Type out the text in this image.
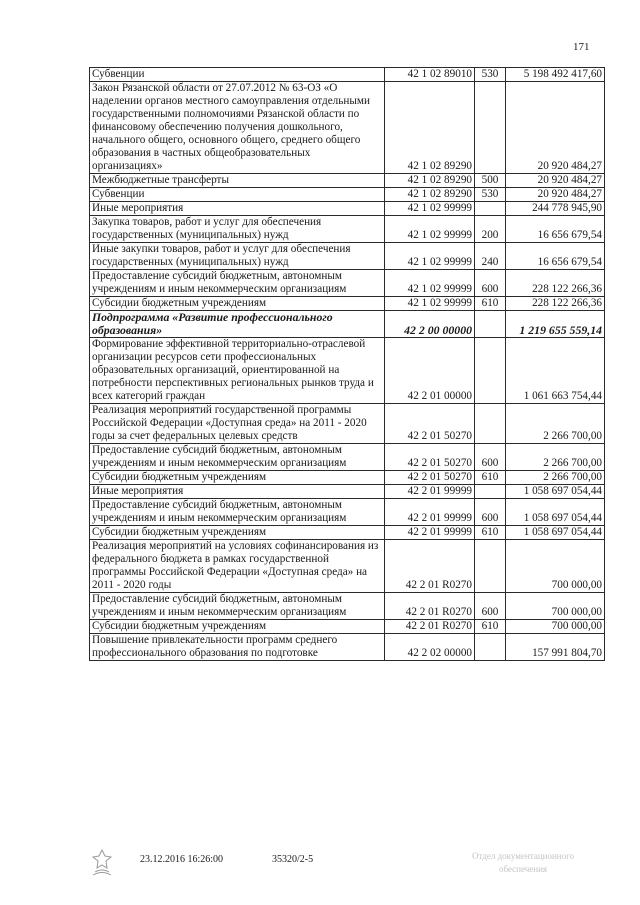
171
Субвенции	42 1 02 89010	530	5 198 492 417,60
Закон Рязанской области от 27.07.2012 № 63-ОЗ «О наделении органов местного самоуправления отдельными государственными полномочиями Рязанской области по финансовому обеспечению получения дошкольного, начального общего, основного общего, среднего общего образования в частных общеобразовательных организациях»	42 1 02 89290		20 920 484,27
Межбюджетные трансферты	42 1 02 89290	500	20 920 484,27
Субвенции	42 1 02 89290	530	20 920 484,27
Иные мероприятия	42 1 02 99999		244 778 945,90
Закупка товаров, работ и услуг для обеспечения государственных (муниципальных) нужд	42 1 02 99999	200	16 656 679,54
Иные закупки товаров, работ и услуг для обеспечения государственных (муниципальных) нужд	42 1 02 99999	240	16 656 679,54
Предоставление субсидий бюджетным, автономным учреждениям и иным некоммерческим организациям	42 1 02 99999	600	228 122 266,36
Субсидии бюджетным учреждениям	42 1 02 99999	610	228 122 266,36
Подпрограмма «Развитие профессионального образования»	42 2 00 00000		1 219 655 559,14
Формирование эффективной территориально-отраслевой организации ресурсов сети профессиональных образовательных организаций, ориентированной на потребности перспективных региональных рынков труда и всех категорий граждан	42 2 01 00000		1 061 663 754,44
Реализация мероприятий государственной программы Российской Федерации «Доступная среда» на 2011 - 2020 годы за счет федеральных целевых средств	42 2 01 50270		2 266 700,00
Предоставление субсидий бюджетным, автономным учреждениям и иным некоммерческим организациям	42 2 01 50270	600	2 266 700,00
Субсидии бюджетным учреждениям	42 2 01 50270	610	2 266 700,00
Иные мероприятия	42 2 01 99999		1 058 697 054,44
Предоставление субсидий бюджетным, автономным учреждениям и иным некоммерческим организациям	42 2 01 99999	600	1 058 697 054,44
Субсидии бюджетным учреждениям	42 2 01 99999	610	1 058 697 054,44
Реализация мероприятий на условиях софинансирования из федерального бюджета в рамках государственной программы Российской Федерации «Доступная среда» на 2011 - 2020 годы	42 2 01 R0270		700 000,00
Предоставление субсидий бюджетным, автономным учреждениям и иным некоммерческим организациям	42 2 01 R0270	600	700 000,00
Субсидии бюджетным учреждениям	42 2 01 R0270	610	700 000,00
Повышение привлекательности программ среднего профессионального образования по подготовке	42 2 02 00000		157 991 804,70
23.12.2016 16:26:00	35320/2-5	Отдел документационного обеспечения
